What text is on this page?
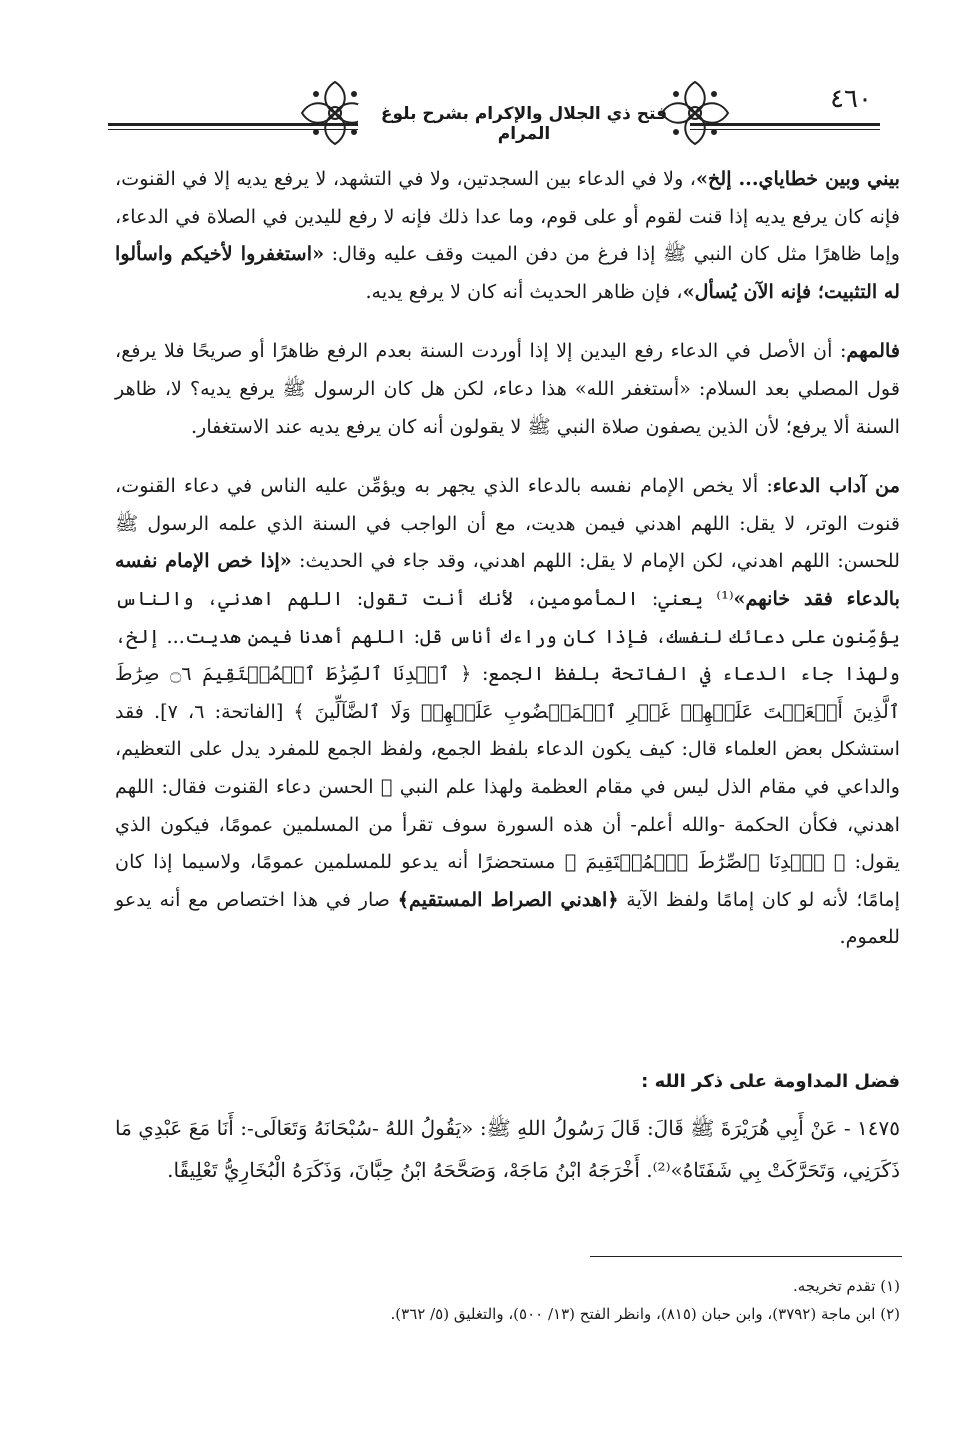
٤٦٠
فتح ذي الجلال والإكرام بشرح بلوغ المرام

بيني وبين خطاياي... إلخ»، ولا في الدعاء بين السجدتين، ولا في التشهد، لا يرفع يديه إلا في القنوت، فإنه كان يرفع يديه إذا قنت لقوم أو على قوم، وما عدا ذلك فإنه لا رفع لليدين في الصلاة في الدعاء، وإما ظاهرًا مثل كان النبي ﷺ إذا فرغ من دفن الميت وقف عليه وقال: «استغفروا لأخيكم واسألوا له التثبيت؛ فإنه الآن يُسأل»، فإن ظاهر الحديث أنه كان لا يرفع يديه.

فالمهم: أن الأصل في الدعاء رفع اليدين إلا إذا أوردت السنة بعدم الرفع ظاهرًا أو صريحًا فلا يرفع، قول المصلي بعد السلام: «أستغفر الله» هذا دعاء، لكن هل كان الرسول ﷺ يرفع يديه؟ لا، ظاهر السنة ألا يرفع؛ لأن الذين يصفون صلاة النبي ﷺ لا يقولون أنه كان يرفع يديه عند الاستغفار.

من آداب الدعاء: ألا يخص الإمام نفسه بالدعاء الذي يجهر به ويؤمِّن عليه الناس في دعاء القنوت، قنوت الوتر، لا يقل: اللهم اهدني فيمن هديت، مع أن الواجب في السنة الذي علمه الرسول ﷺ للحسن: اللهم اهدني، لكن الإمام لا يقل: اللهم اهدني، وقد جاء في الحديث: «إذا خص الإمام نفسه بالدعاء فقد خانهم»⁽¹⁾ يعني: المأمومين، لأنك أنت تقول: اللهم اهدني، والناس يؤمِّنون على دعائك لنفسك، فإذا كان وراءك أناس قل: اللهم أهدنا فيمن هديت... إلخ، ولهذا جاء الدعاء في الفاتحة بلفظ الجمع: ﴿ ٱهۡدِنَا ٱلصِّرَٰطَ ٱلۡمُسۡتَقِيمَ ۝٦ صِرَٰطَ ٱلَّذِينَ أَنۡعَمۡتَ عَلَيۡهِمۡ غَيۡرِ ٱلۡمَغۡضُوبِ عَلَيۡهِمۡ وَلَا ٱلضَّآلِّينَ ﴾ [الفاتحة: ٦، ٧]. فقد استشكل بعض العلماء قال: كيف يكون الدعاء بلفظ الجمع، ولفظ الجمع للمفرد يدل على التعظيم، والداعي في مقام الذل ليس في مقام العظمة ولهذا علم النبي ﷺ الحسن دعاء القنوت فقال: اللهم اهدني، فكأن الحكمة -والله أعلم- أن هذه السورة سوف تقرأ من المسلمين عمومًا، فيكون الذي يقول: ﴿ ٱهۡدِنَا ٱلصِّرَٰطَ ٱلۡمُسۡتَقِيمَ ﴾ مستحضرًا أنه يدعو للمسلمين عمومًا، ولاسيما إذا كان إمامًا؛ لأنه لو كان إمامًا ولفظ الآية ﴿اهدني الصراط المستقيم﴾ صار في هذا اختصاص مع أنه يدعو للعموم.

فضل المداومة على ذكر الله :
١٤٧٥ - عَنْ أَبِي هُرَيْرَةَ ﷺ قَالَ: قَالَ رَسُولُ اللهِ ﷺ: «يَقُولُ اللهُ -سُبْحَانَهُ وَتَعَالَى-: أَنَا مَعَ عَبْدِي مَا ذَكَرَنِي، وَتَحَرَّكَتْ بِي شَفَتَاهُ»⁽²⁾. أَخْرَجَهُ ابْنُ مَاجَهْ، وَصَحَّحَهُ ابْنُ حِبَّانَ، وَذَكَرَهُ الْبُخَارِيُّ تَعْلِيقًا.
(١) تقدم تخريجه.
(٢) ابن ماجة (٣٧٩٢)، وابن حبان (٨١٥)، وانظر الفتح (١٣/ ٥٠٠)، والتغليق (٥/ ٣٦٢).
